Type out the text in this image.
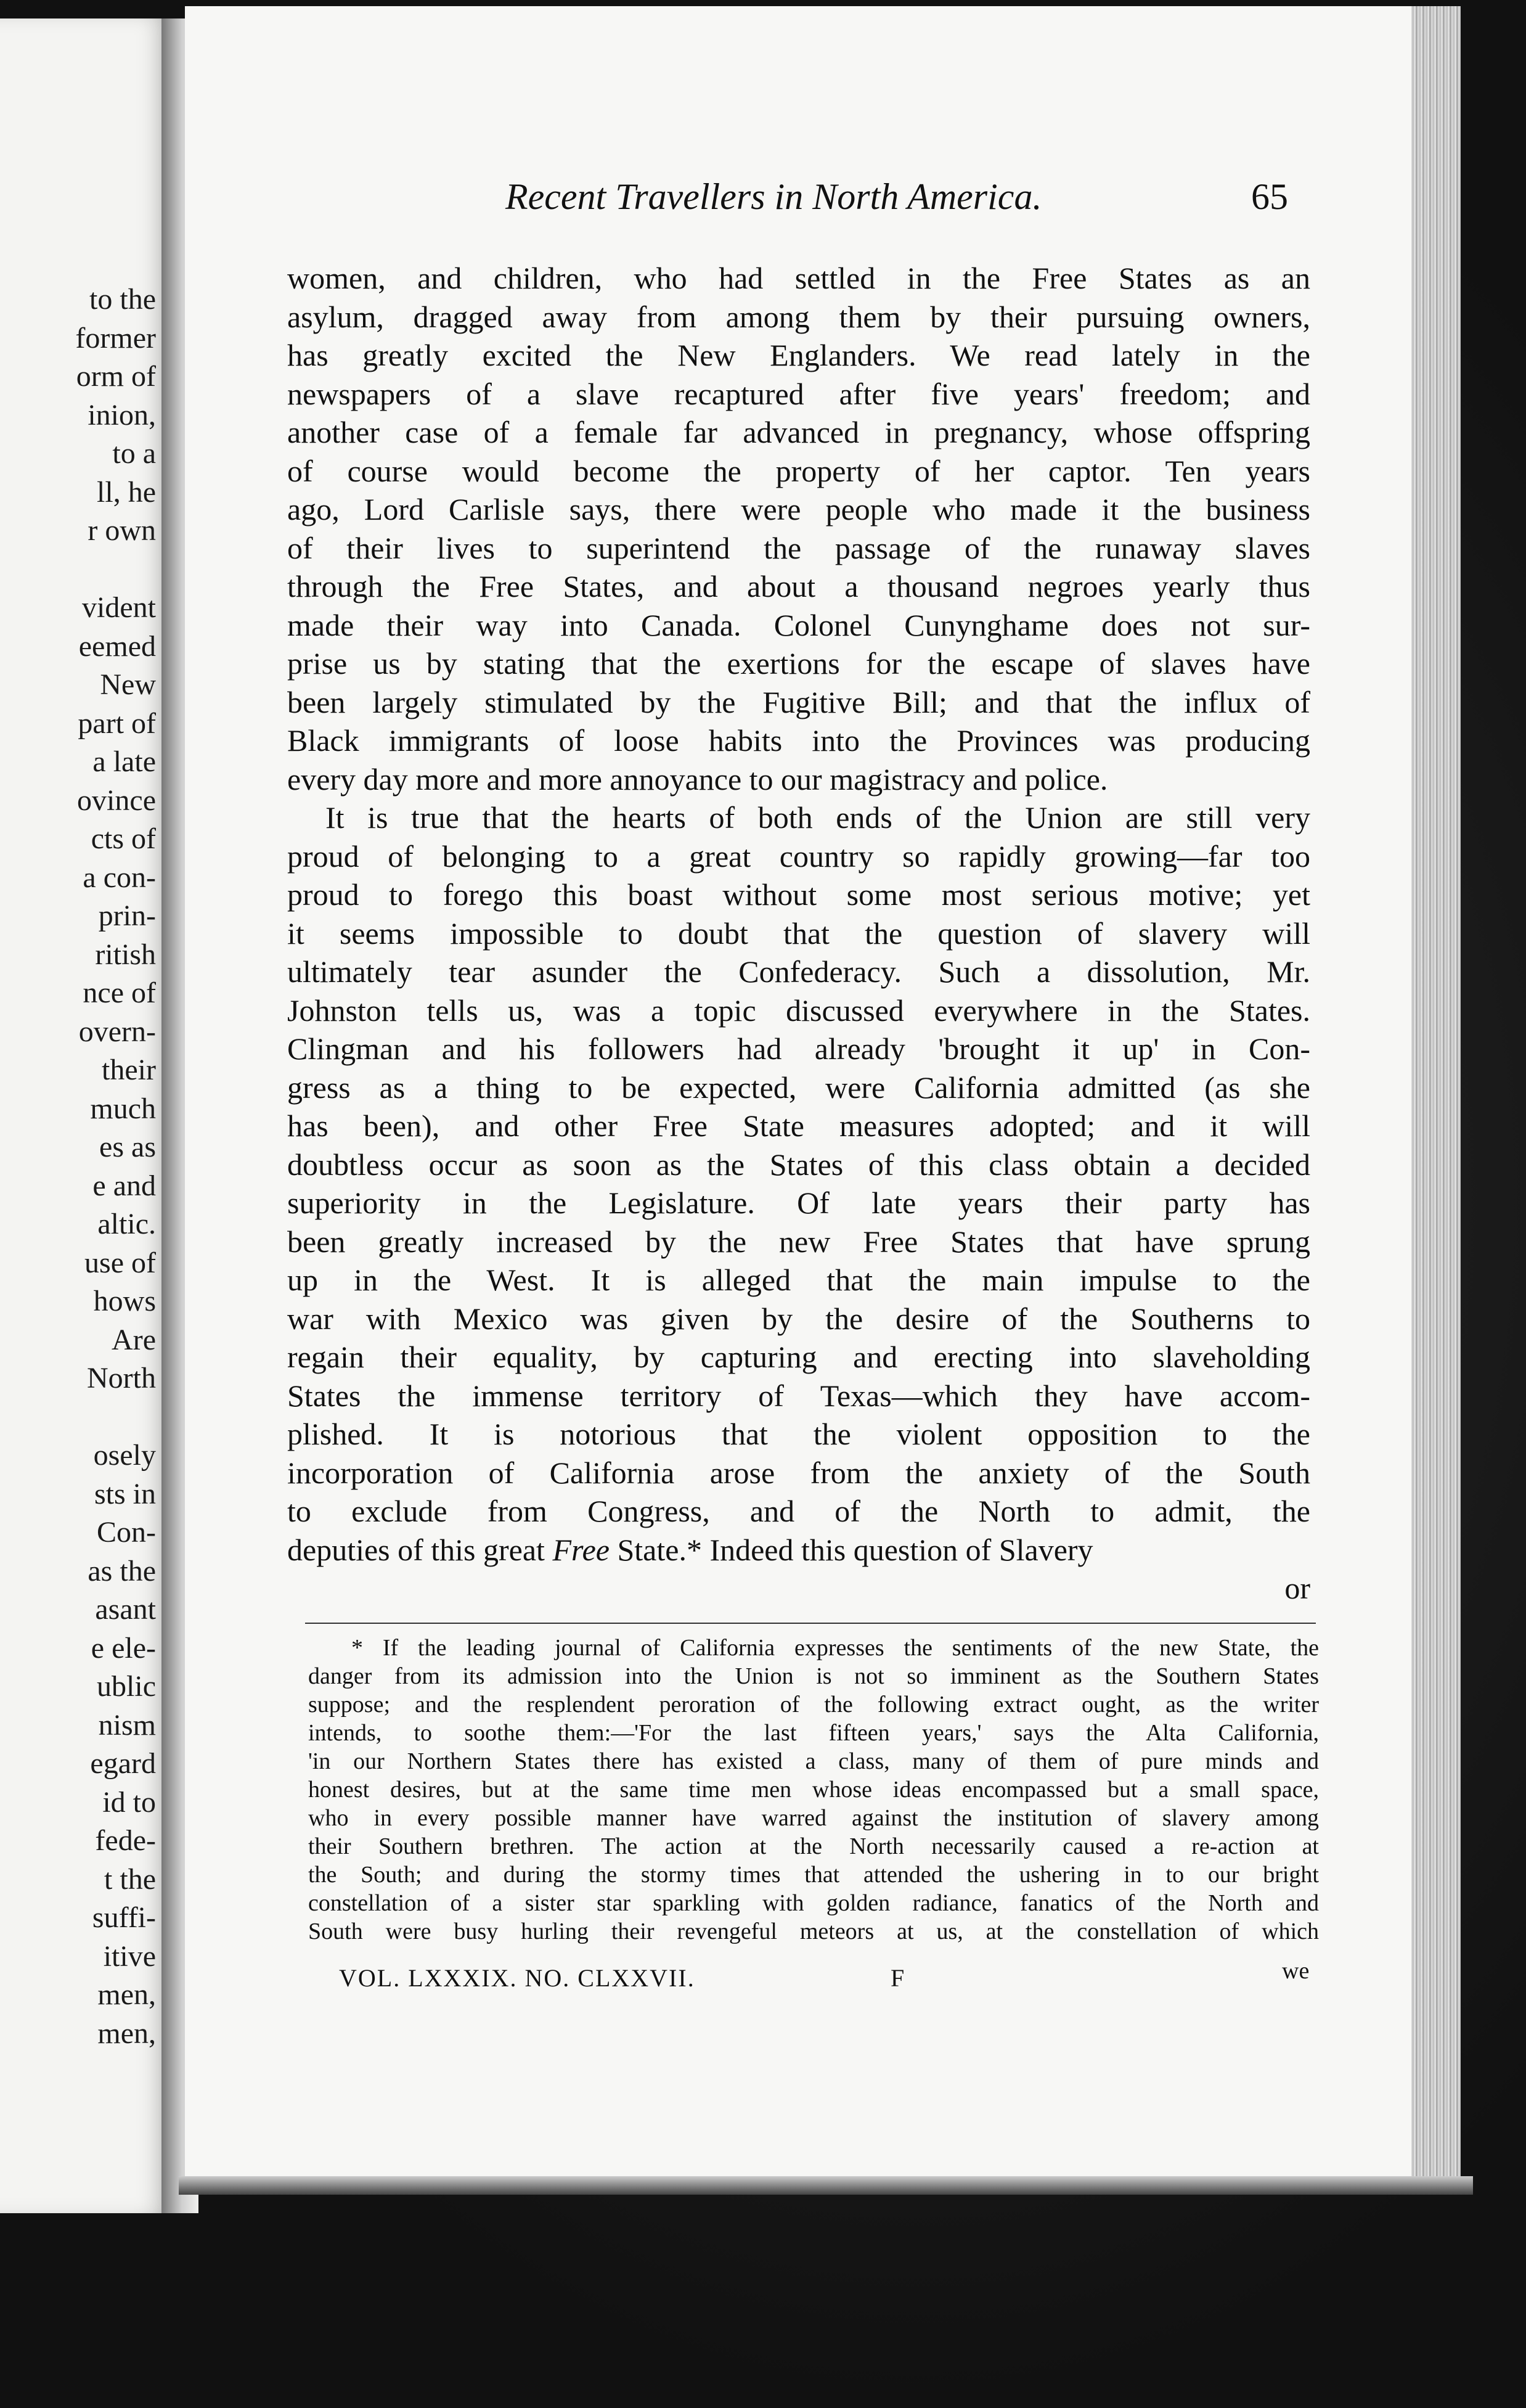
to the
former
orm of
inion,
to a
ll, he
r own
vident
eemed
New
part of
a late
ovince
cts of
a con-
prin-
ritish
nce of
overn-
their
much
es as
e and
altic.
use of
hows
Are
North
osely
sts in
Con-
as the
asant
e ele-
ublic
nism
egard
id to
fede-
t the
suffi-
itive
men,
men,
Recent Travellers in North America.	65
women, and children, who had settled in the Free States as an
asylum, dragged away from among them by their pursuing owners,
has greatly excited the New Englanders. We read lately in the
newspapers of a slave recaptured after five years' freedom; and
another case of a female far advanced in pregnancy, whose offspring
of course would become the property of her captor. Ten years
ago, Lord Carlisle says, there were people who made it the business
of their lives to superintend the passage of the runaway slaves
through the Free States, and about a thousand negroes yearly thus
made their way into Canada. Colonel Cunynghame does not sur-
prise us by stating that the exertions for the escape of slaves have
been largely stimulated by the Fugitive Bill; and that the influx of
Black immigrants of loose habits into the Provinces was producing
every day more and more annoyance to our magistracy and police.
It is true that the hearts of both ends of the Union are still very
proud of belonging to a great country so rapidly growing—far too
proud to forego this boast without some most serious motive; yet
it seems impossible to doubt that the question of slavery will
ultimately tear asunder the Confederacy. Such a dissolution, Mr.
Johnston tells us, was a topic discussed everywhere in the States.
Clingman and his followers had already 'brought it up' in Con-
gress as a thing to be expected, were California admitted (as she
has been), and other Free State measures adopted; and it will
doubtless occur as soon as the States of this class obtain a decided
superiority in the Legislature. Of late years their party has
been greatly increased by the new Free States that have sprung
up in the West. It is alleged that the main impulse to the
war with Mexico was given by the desire of the Southerns to
regain their equality, by capturing and erecting into slaveholding
States the immense territory of Texas—which they have accom-
plished. It is notorious that the violent opposition to the
incorporation of California arose from the anxiety of the South
to exclude from Congress, and of the North to admit, the
deputies of this great Free State.* Indeed this question of Slavery
or
* If the leading journal of California expresses the sentiments of the new State, the
danger from its admission into the Union is not so imminent as the Southern States
suppose; and the resplendent peroration of the following extract ought, as the writer
intends, to soothe them:—'For the last fifteen years,' says the Alta California,
'in our Northern States there has existed a class, many of them of pure minds and
honest desires, but at the same time men whose ideas encompassed but a small space,
who in every possible manner have warred against the institution of slavery among
their Southern brethren. The action at the North necessarily caused a re-action at
the South; and during the stormy times that attended the ushering in to our bright
constellation of a sister star sparkling with golden radiance, fanatics of the North and
South were busy hurling their revengeful meteors at us, at the constellation of which
VOL. LXXXIX. NO. CLXXVII.	F	we
